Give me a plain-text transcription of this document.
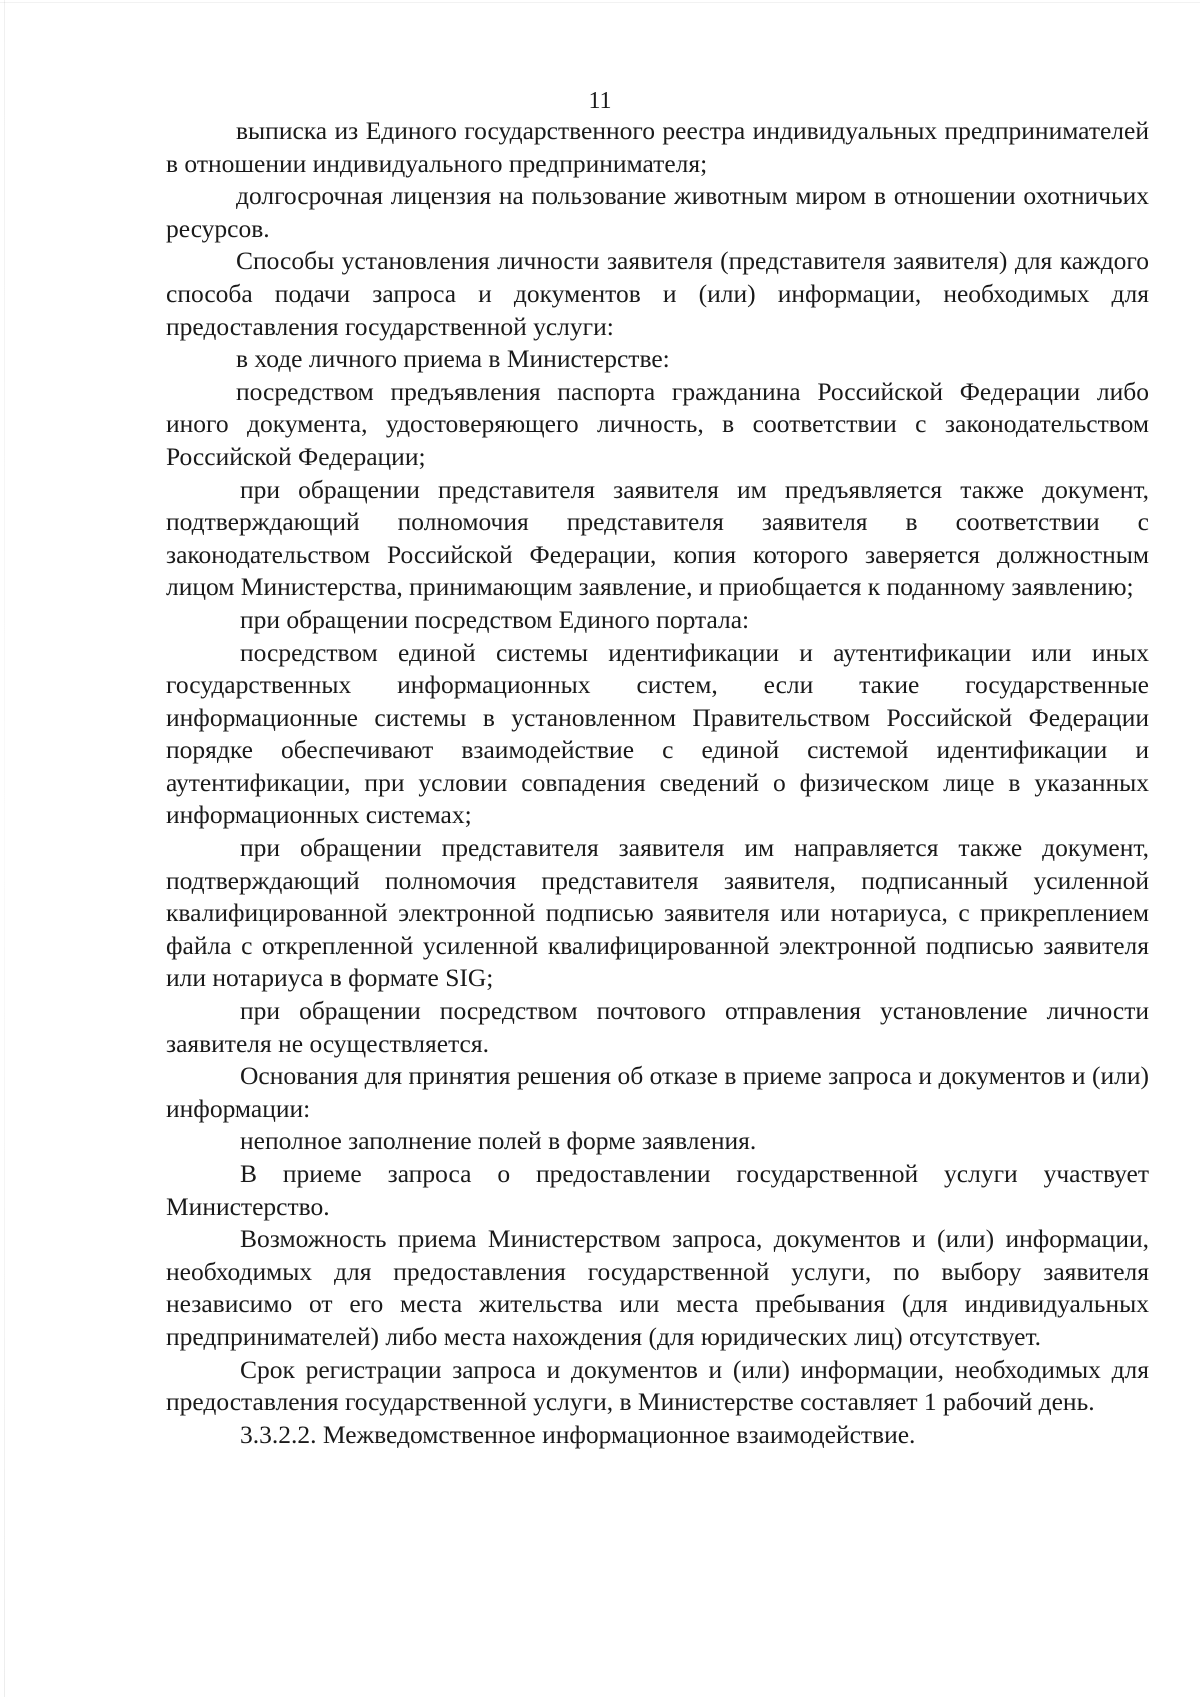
11

выписка из Единого государственного реестра индивидуальных предпринимателей в отношении индивидуального предпринимателя;

долгосрочная лицензия на пользование животным миром в отношении охотничьих ресурсов.

Способы установления личности заявителя (представителя заявителя) для каждого способа подачи запроса и документов и (или) информации, необходимых для предоставления государственной услуги:

в ходе личного приема в Министерстве:

посредством предъявления паспорта гражданина Российской Федерации либо иного документа, удостоверяющего личность, в соответствии с законодательством Российской Федерации;

при обращении представителя заявителя им предъявляется также документ, подтверждающий полномочия представителя заявителя в соответствии с законодательством Российской Федерации, копия которого заверяется должностным лицом Министерства, принимающим заявление, и приобщается к поданному заявлению;

при обращении посредством Единого портала:

посредством единой системы идентификации и аутентификации или иных государственных информационных систем, если такие государственные информационные системы в установленном Правительством Российской Федерации порядке обеспечивают взаимодействие с единой системой идентификации и аутентификации, при условии совпадения сведений о физическом лице в указанных информационных системах;

при обращении представителя заявителя им направляется также документ, подтверждающий полномочия представителя заявителя, подписанный усиленной квалифицированной электронной подписью заявителя или нотариуса, с прикреплением файла с открепленной усиленной квалифицированной электронной подписью заявителя или нотариуса в формате SIG;

при обращении посредством почтового отправления установление личности заявителя не осуществляется.

Основания для принятия решения об отказе в приеме запроса и документов и (или) информации:

неполное заполнение полей в форме заявления.

В приеме запроса о предоставлении государственной услуги участвует Министерство.

Возможность приема Министерством запроса, документов и (или) информации, необходимых для предоставления государственной услуги, по выбору заявителя независимо от его места жительства или места пребывания (для индивидуальных предпринимателей) либо места нахождения (для юридических лиц) отсутствует.

Срок регистрации запроса и документов и (или) информации, необходимых для предоставления государственной услуги, в Министерстве составляет 1 рабочий день.

3.3.2.2. Межведомственное информационное взаимодействие.
